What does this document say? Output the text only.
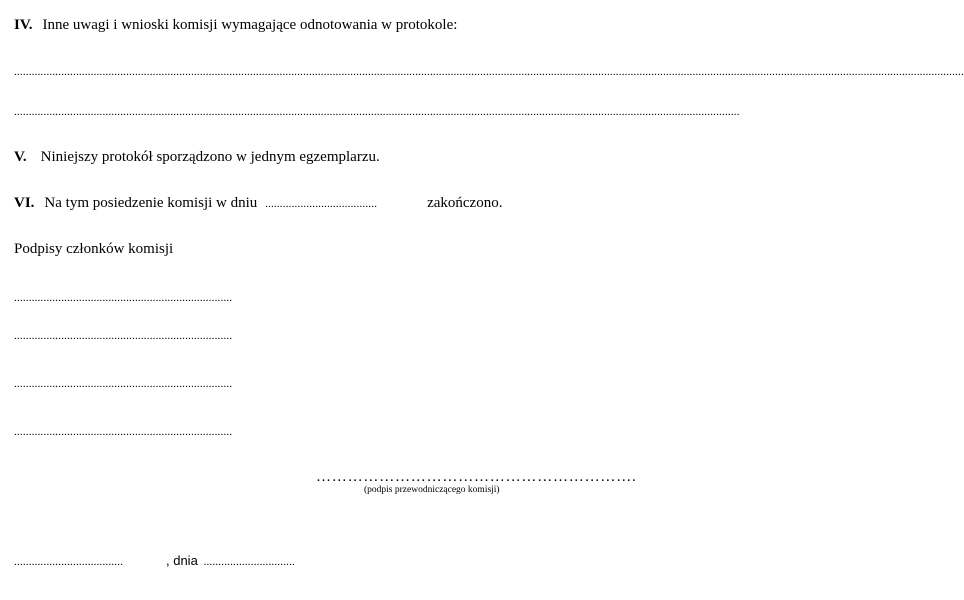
IV. Inne uwagi i wnioski komisji wymagające odnotowania w protokole:
..................................................................................................................................................................................................................................................................................................................................
......................................................................................................................................................................................................................................................
V. Niniejszy protokół sporządzono w jednym egzemplarzu.
VI. Na tym posiedzenie komisji w dniu ......................................	zakończono.
Podpisy członków komisji
..........................................................................
..........................................................................
..........................................................................
..........................................................................
…………………………………………………….
(podpis przewodniczącego komisji)
.....................................	, dnia ...............................
